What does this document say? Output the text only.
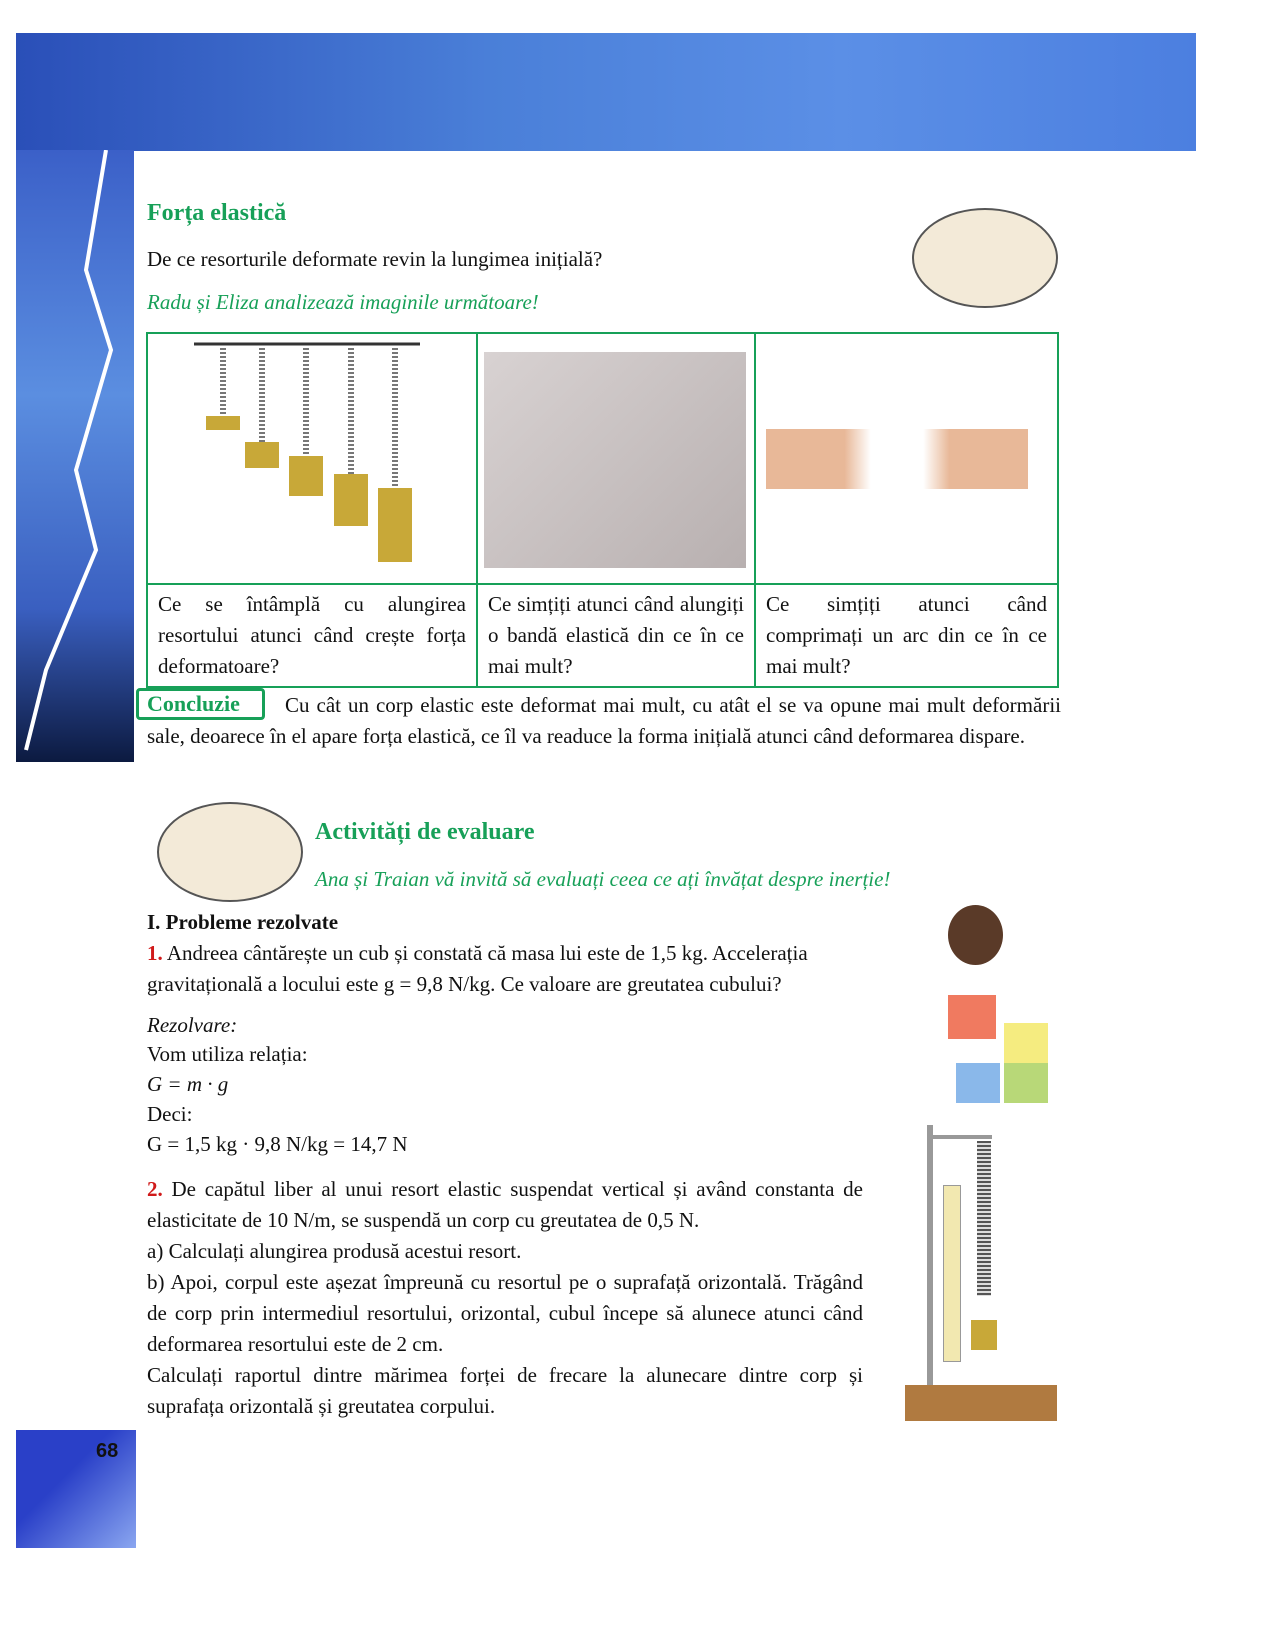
68
Forța elastică
De ce resorturile deformate revin la lungimea inițială?
Radu și Eliza analizează imaginile următoare!

Ce se întâmplă cu alungirea resortului atunci când crește forța deformatoare?	Ce simțiți atunci când alungiți o bandă elastică din ce în ce mai mult?	Ce simțiți atunci când comprimați un arc din ce în ce mai mult?
Concluzie	Cu cât un corp elastic este deformat mai mult, cu atât el se va opune mai mult deformării sale, deoarece în el apare forța elastică, ce îl va readuce la forma inițială atunci când deformarea dispare.
Activități de evaluare
Ana și Traian vă invită să evaluați ceea ce ați învățat despre inerție!
I. Probleme rezolvate
1. Andreea cântărește un cub și constată că masa lui este de 1,5 kg. Accelerația gravitațională a locului este g = 9,8 N/kg. Ce valoare are greutatea cubului?
Rezolvare:
Vom utiliza relația:
G = m · g
Deci:
G = 1,5 kg · 9,8 N/kg = 14,7 N
2. De capătul liber al unui resort elastic suspendat vertical și având constanta de elasticitate de 10 N/m, se suspendă un corp cu greutatea de 0,5 N.
a) Calculați alungirea produsă acestui resort.
b) Apoi, corpul este așezat împreună cu resortul pe o suprafață orizontală. Trăgând de corp prin intermediul resortului, orizontal, cubul începe să alunece atunci când deformarea resortului este de 2 cm.
Calculați raportul dintre mărimea forței de frecare la alunecare dintre corp și suprafața orizontală și greutatea corpului.
